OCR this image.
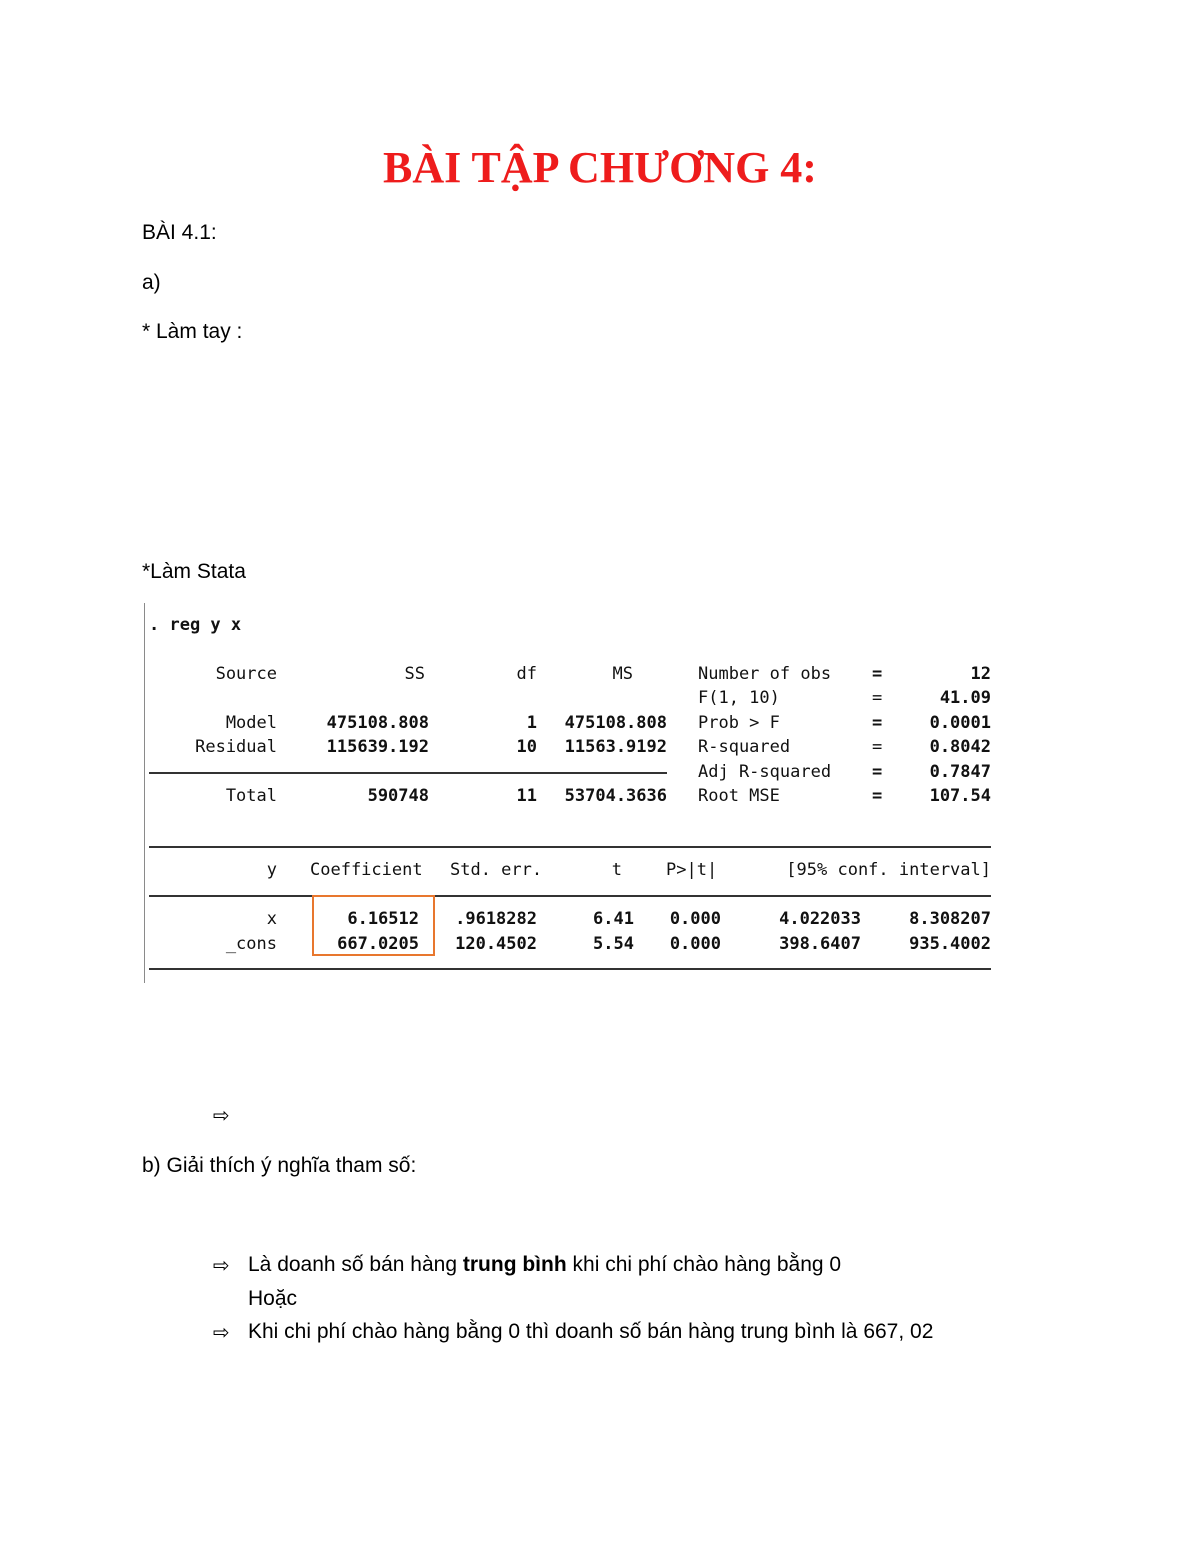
BÀI TẬP CHƯƠNG 4:
BÀI 4.1:
a)
* Làm tay :
*Làm Stata
. reg y x
Source	SS	df	MS
Model	475108.808	1 475108.808
Residual	115639.192	10 11563.9192
Total	590748	11 53704.3636
Number of obs =	12
F(1, 10)	=	41.09
Prob > F	=	0.0001
R-squared	=	0.8042
Adj R-squared =	0.7847
Root MSE	=	107.54
y Coefficient Std. err.	t	P>|t|	[95% conf. interval]
x	6.16512 .9618282	6.41 0.000	4.022033	8.308207
_cons	667.0205 120.4502	5.54 0.000	398.6407	935.4002
⇨
b) Giải thích ý nghĩa tham số:
⇨ Là doanh số bán hàng trung bình khi chi phí chào hàng bằng 0
Hoặc
⇨ Khi chi phí chào hàng bằng 0 thì doanh số bán hàng trung bình là 667, 02
